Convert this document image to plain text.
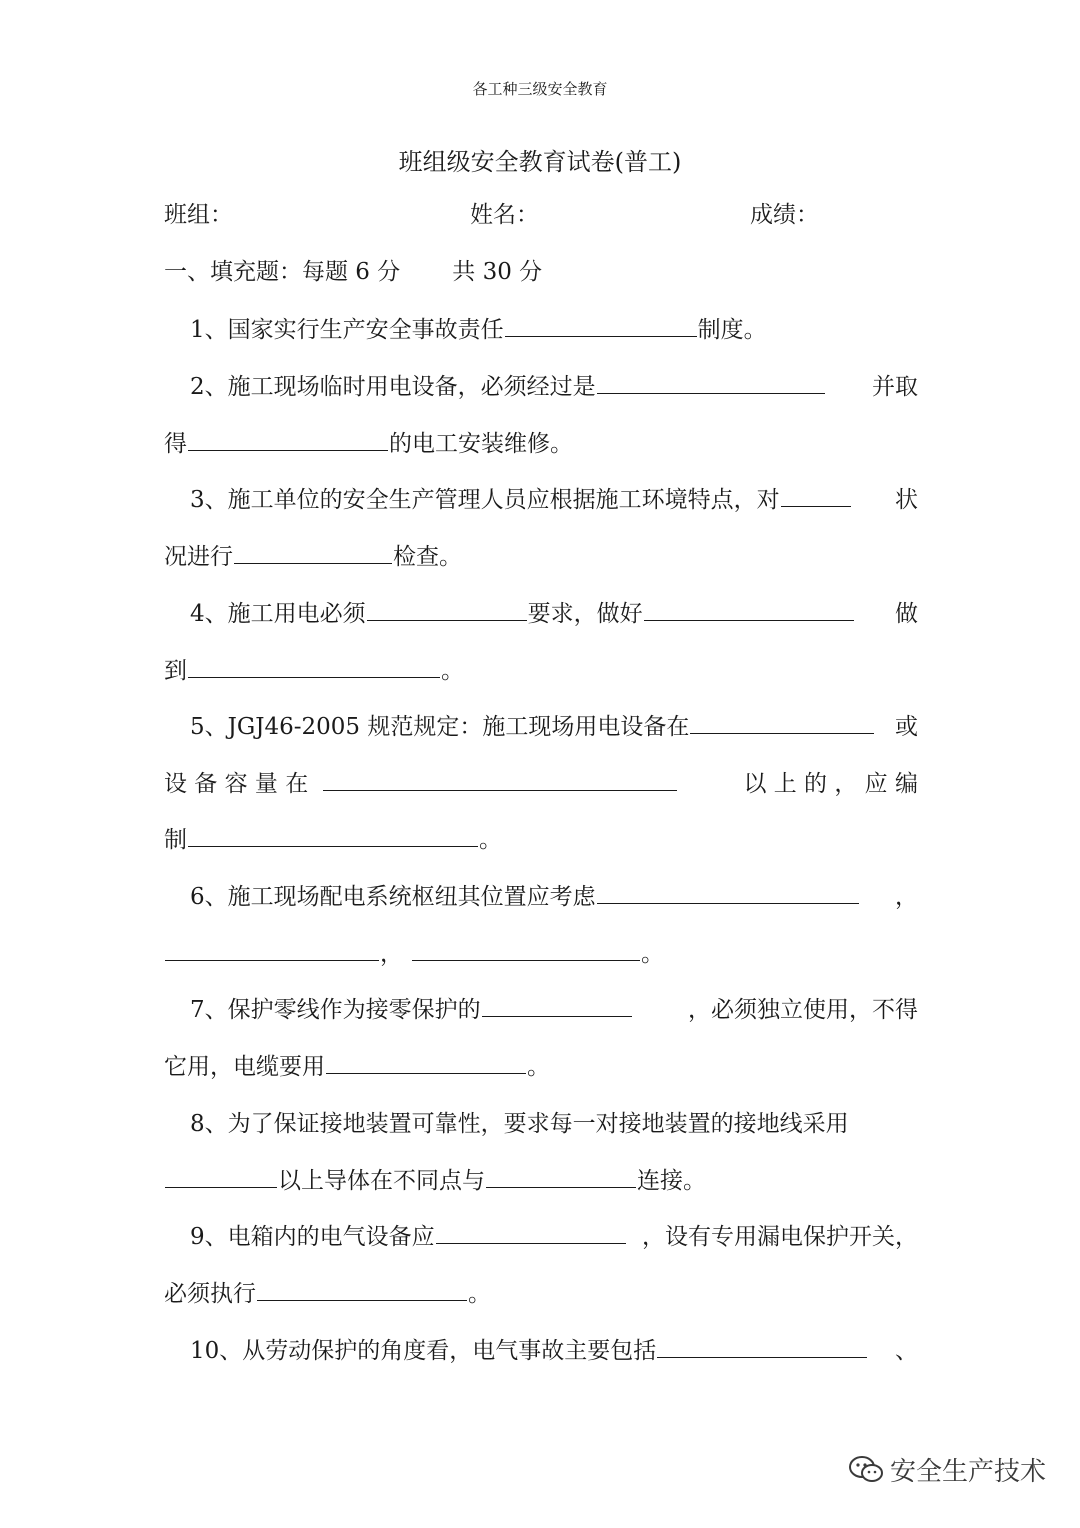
各工种三级安全教育
班组级安全教育试卷(普工)
班组：	姓名：	成绩：
一、填充题：每题 6 分 共 30 分
1、国家实行生产安全事故责任	制度。
2、施工现场临时用电设备，必须经过是	并取
得	的电工安装维修。
3、施工单位的安全生产管理人员应根据施工环境特点，对	状
况进行	检查。
4、施工用电必须	要求，做好	做
到	。
5、JGJ46-2005 规范规定：施工现场用电设备在	或
设 备 容 量 在	以 上 的 ， 应 编
制	。
6、施工现场配电系统枢纽其位置应考虑	，
，	。
7、保护零线作为接零保护的	，必须独立使用，不得
它用，电缆要用	。
8、为了保证接地装置可靠性，要求每一对接地装置的接地线采用
以上导体在不同点与	连接。
9、电箱内的电气设备应	，设有专用漏电保护开关，
必须执行	。
10、从劳动保护的角度看，电气事故主要包括	、
安全生产技术
